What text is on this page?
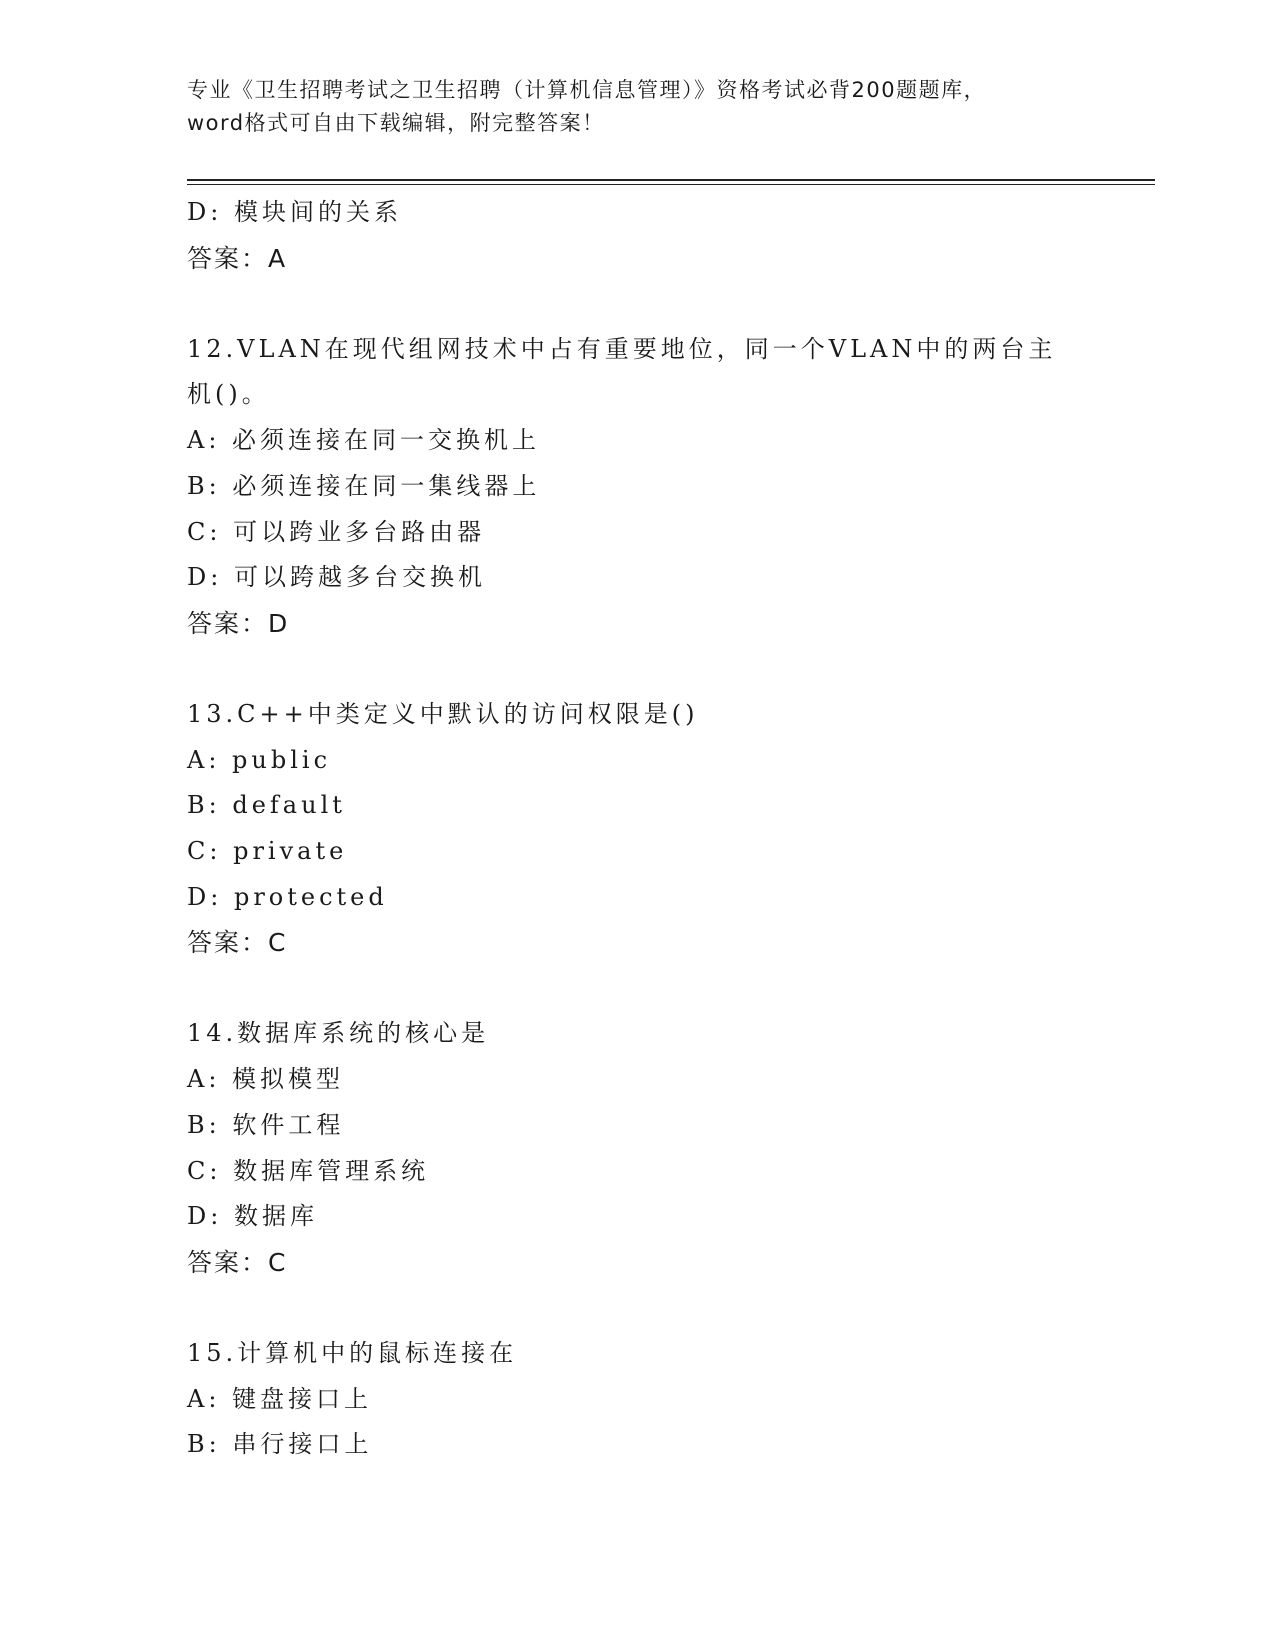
专业《卫生招聘考试之卫生招聘（计算机信息管理）》资格考试必背200题题库，
word格式可自由下载编辑，附完整答案！
D: 模块间的关系
答案：A
12.VLAN在现代组网技术中占有重要地位，同一个VLAN中的两台主机()。
A: 必须连接在同一交换机上
B: 必须连接在同一集线器上
C: 可以跨业多台路由器
D: 可以跨越多台交换机
答案：D
13.C++中类定义中默认的访问权限是()
A: public
B: default
C: private
D: protected
答案：C
14.数据库系统的核心是
A: 模拟模型
B: 软件工程
C: 数据库管理系统
D: 数据库
答案：C
15.计算机中的鼠标连接在
A: 键盘接口上
B: 串行接口上
